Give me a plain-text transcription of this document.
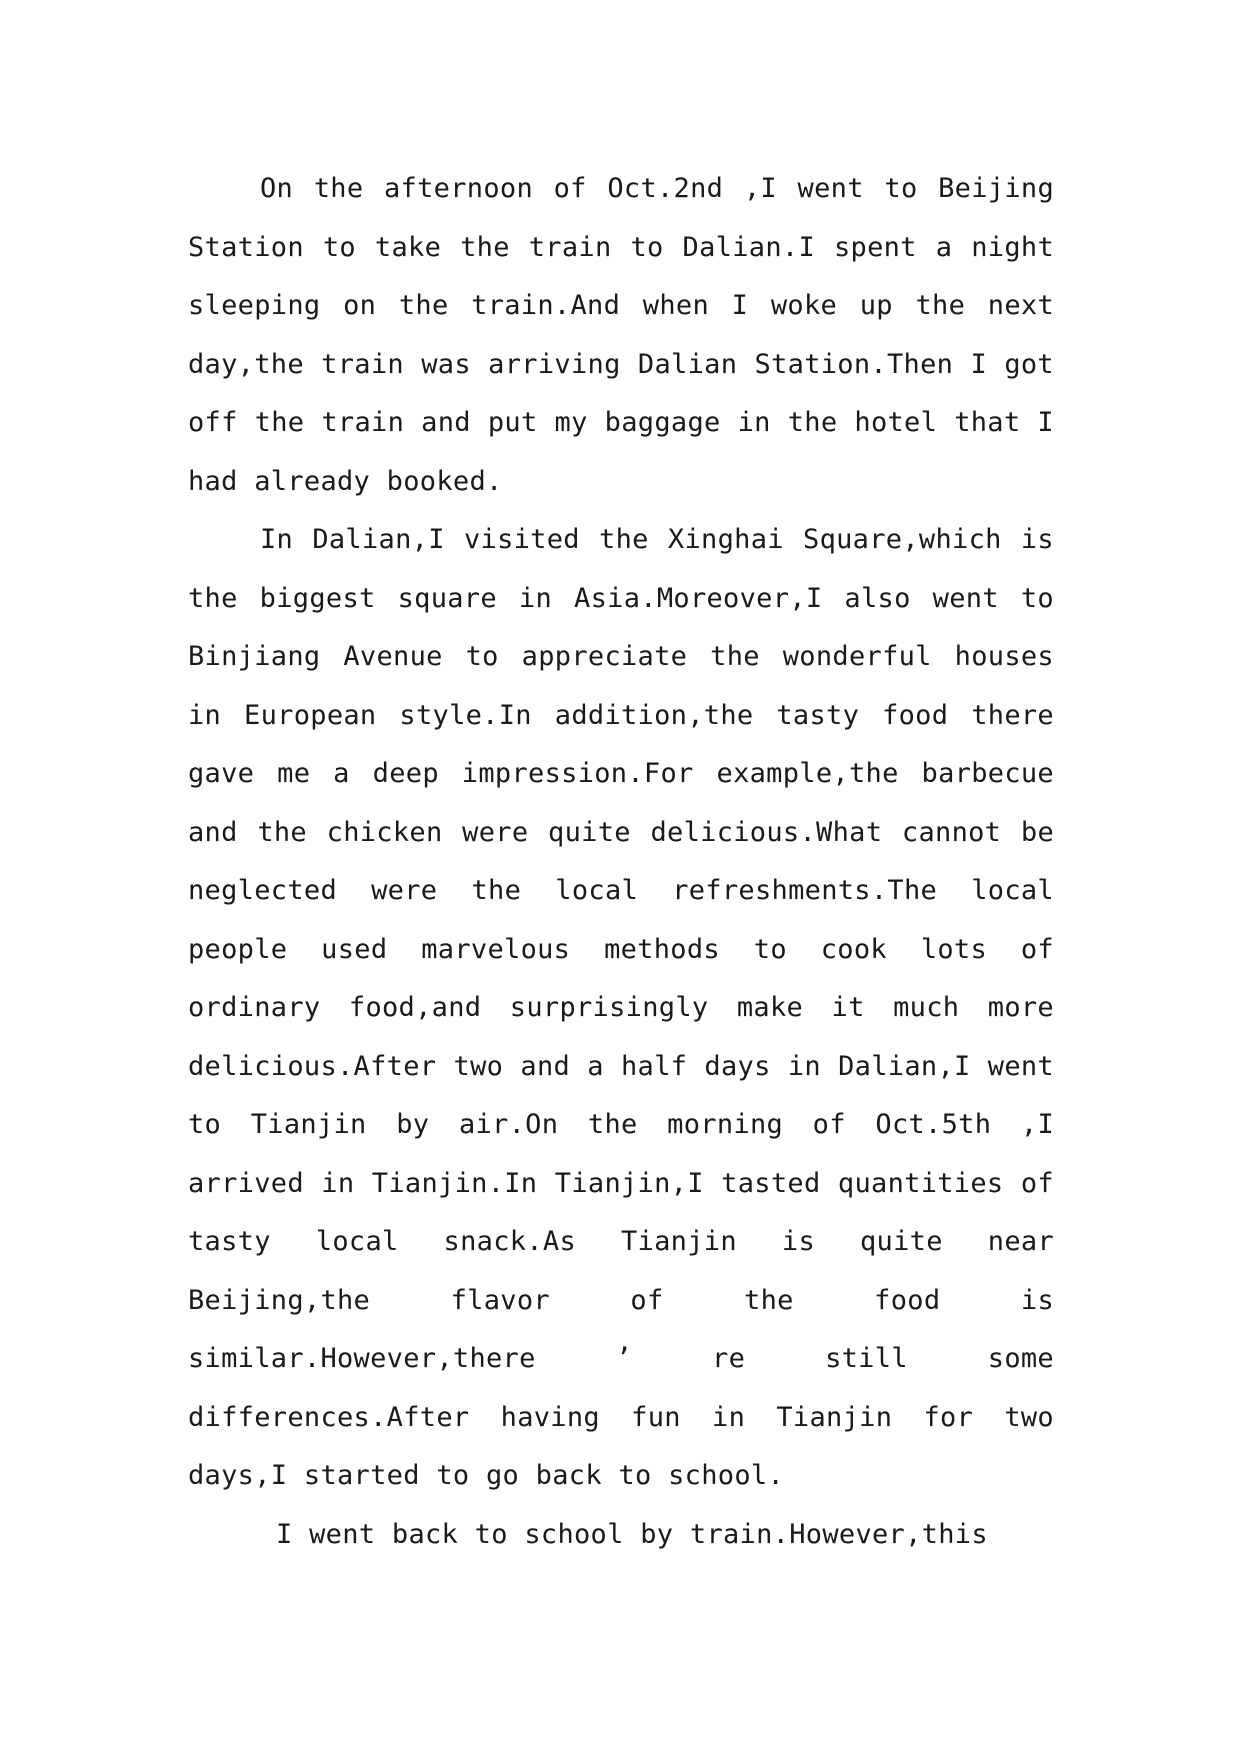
On the afternoon of Oct.2nd ,I went to Beijing Station to take the train to Dalian.I spent a night sleeping on the train.And when I woke up the next day,the train was arriving Dalian Station.Then I got off the train and put my baggage in the hotel that I had already booked.

In Dalian,I visited the Xinghai Square,which is the biggest square in Asia.Moreover,I also went to Binjiang Avenue to appreciate the wonderful houses in European style.In addition,the tasty food there gave me a deep impression.For example,the barbecue and the chicken were quite delicious.What cannot be neglected were the local refreshments.The local people used marvelous methods to cook lots of ordinary food,and surprisingly make it much more delicious.After two and a half days in Dalian,I went to Tianjin by air.On the morning of Oct.5th ,I arrived in Tianjin.In Tianjin,I tasted quantities of tasty local snack.As Tianjin is quite near Beijing,the flavor of the food is similar.However,there ’ re still some differences.After having fun in Tianjin for two days,I started to go back to school.

I went back to school by train.However,this
